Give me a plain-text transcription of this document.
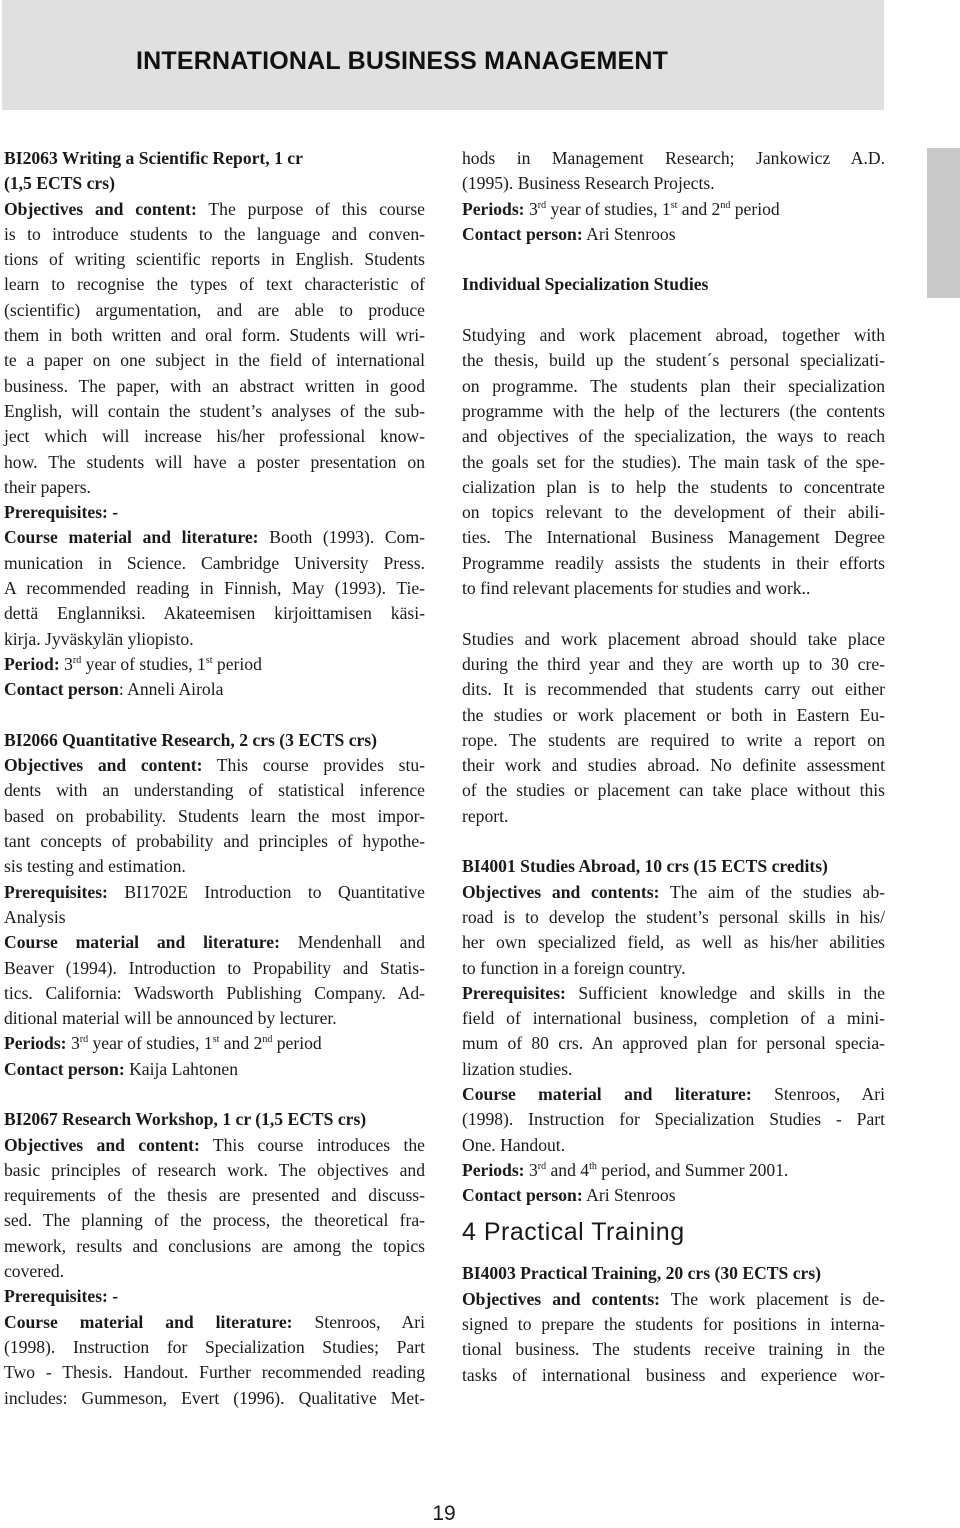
INTERNATIONAL BUSINESS MANAGEMENT

BI2063 Writing a Scientific Report, 1 cr

(1,5 ECTS crs)

Objectives and content: The purpose of this course

is to introduce students to the language and conven-

tions of writing scientific reports in English. Students

learn to recognise the types of text characteristic of

(scientific) argumentation, and are able to produce

them in both written and oral form. Students will wri-

te a paper on one subject in the field of international

business. The paper, with an abstract written in good

English, will contain the student’s analyses of the sub-

ject which will increase his/her professional know-

how. The students will have a poster presentation on

their papers.

Prerequisites: -

Course material and literature: Booth (1993). Com-

munication in Science. Cambridge University Press.

A recommended reading in Finnish, May (1993). Tie-

dettä Englanniksi. Akateemisen kirjoittamisen käsi-

kirja. Jyväskylän yliopisto.

Period: 3rd year of studies, 1st period

Contact person: Anneli Airola

BI2066 Quantitative Research, 2 crs (3 ECTS crs)

Objectives and content: This course provides stu-

dents with an understanding of statistical inference

based on probability. Students learn the most impor-

tant concepts of probability and principles of hypothe-

sis testing and estimation.

Prerequisites: BI1702E Introduction to Quantitative

Analysis

Course material and literature: Mendenhall and

Beaver (1994). Introduction to Propability and Statis-

tics. California: Wadsworth Publishing Company. Ad-

ditional material will be announced by lecturer.

Periods: 3rd year of studies, 1st and 2nd period

Contact person: Kaija Lahtonen

BI2067 Research Workshop, 1 cr (1,5 ECTS crs)

Objectives and content: This course introduces the

basic principles of research work. The objectives and

requirements of the thesis are presented and discuss-

sed. The planning of the process, the theoretical fra-

mework, results and conclusions are among the topics

covered.

Prerequisites: -

Course material and literature: Stenroos, Ari

(1998). Instruction for Specialization Studies; Part

Two - Thesis. Handout. Further recommended reading

includes: Gummeson, Evert (1996). Qualitative Met-

hods in Management Research; Jankowicz A.D.

(1995). Business Research Projects.

Periods: 3rd year of studies, 1st and 2nd period

Contact person: Ari Stenroos

Individual Specialization Studies

Studying and work placement abroad, together with

the thesis, build up the student´s personal specializati-

on programme. The students plan their specialization

programme with the help of the lecturers (the contents

and objectives of the specialization, the ways to reach

the goals set for the studies). The main task of the spe-

cialization plan is to help the students to concentrate

on topics relevant to the development of their abili-

ties. The International Business Management Degree

Programme readily assists the students in their efforts

to find relevant placements for studies and work..

Studies and work placement abroad should take place

during the third year and they are worth up to 30 cre-

dits. It is recommended that students carry out either

the studies or work placement or both in Eastern Eu-

rope. The students are required to write a report on

their work and studies abroad. No definite assessment

of the studies or placement can take place without this

report.

BI4001 Studies Abroad, 10 crs (15 ECTS credits)

Objectives and contents: The aim of the studies ab-

road is to develop the student’s personal skills in his/

her own specialized field, as well as his/her abilities

to function in a foreign country.

Prerequisites: Sufficient knowledge and skills in the

field of international business, completion of a mini-

mum of 80 crs. An approved plan for personal specia-

lization studies.

Course material and literature: Stenroos, Ari

(1998). Instruction for Specialization Studies - Part

One. Handout.

Periods: 3rd and 4th period, and Summer 2001.

Contact person: Ari Stenroos

4 Practical Training

BI4003 Practical Training, 20 crs (30 ECTS crs)

Objectives and contents: The work placement is de-

signed to prepare the students for positions in interna-

tional business. The students receive training in the

tasks of international business and experience wor-

19
